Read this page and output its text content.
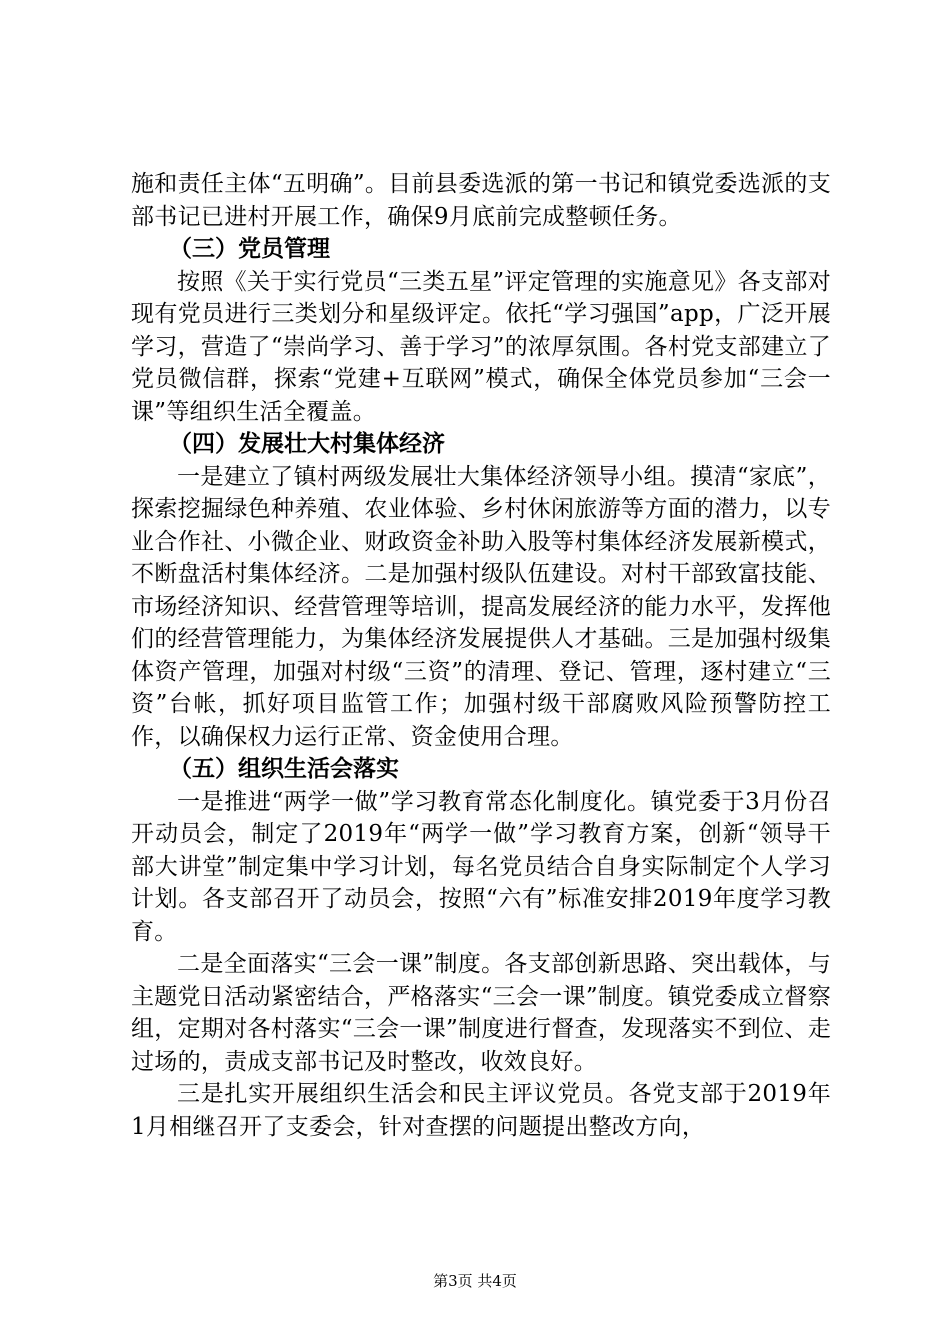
施和责任主体“五明确”。目前县委选派的第一书记和镇党委选派的支部书记已进村开展工作，确保9月底前完成整顿任务。

（三）党员管理

按照《关于实行党员“三类五星”评定管理的实施意见》各支部对现有党员进行三类划分和星级评定。依托“学习强国”app，广泛开展学习，营造了“崇尚学习、善于学习”的浓厚氛围。各村党支部建立了党员微信群，探索“党建+互联网”模式，确保全体党员参加“三会一课”等组织生活全覆盖。

（四）发展壮大村集体经济

一是建立了镇村两级发展壮大集体经济领导小组。摸清“家底”，探索挖掘绿色种养殖、农业体验、乡村休闲旅游等方面的潜力，以专业合作社、小微企业、财政资金补助入股等村集体经济发展新模式，不断盘活村集体经济。二是加强村级队伍建设。对村干部致富技能、市场经济知识、经营管理等培训，提高发展经济的能力水平，发挥他们的经营管理能力，为集体经济发展提供人才基础。三是加强村级集体资产管理，加强对村级“三资”的清理、登记、管理，逐村建立“三资”台帐，抓好项目监管工作；加强村级干部腐败风险预警防控工作，以确保权力运行正常、资金使用合理。

（五）组织生活会落实

一是推进“两学一做”学习教育常态化制度化。镇党委于3月份召开动员会，制定了2019年“两学一做”学习教育方案，创新“领导干部大讲堂”制定集中学习计划，每名党员结合自身实际制定个人学习计划。各支部召开了动员会，按照“六有”标准安排2019年度学习教育。

二是全面落实“三会一课”制度。各支部创新思路、突出载体，与主题党日活动紧密结合，严格落实“三会一课”制度。镇党委成立督察组，定期对各村落实“三会一课”制度进行督查，发现落实不到位、走过场的，责成支部书记及时整改，收效良好。

三是扎实开展组织生活会和民主评议党员。各党支部于2019年1月相继召开了支委会，针对查摆的问题提出整改方向，

第3页 共4页
